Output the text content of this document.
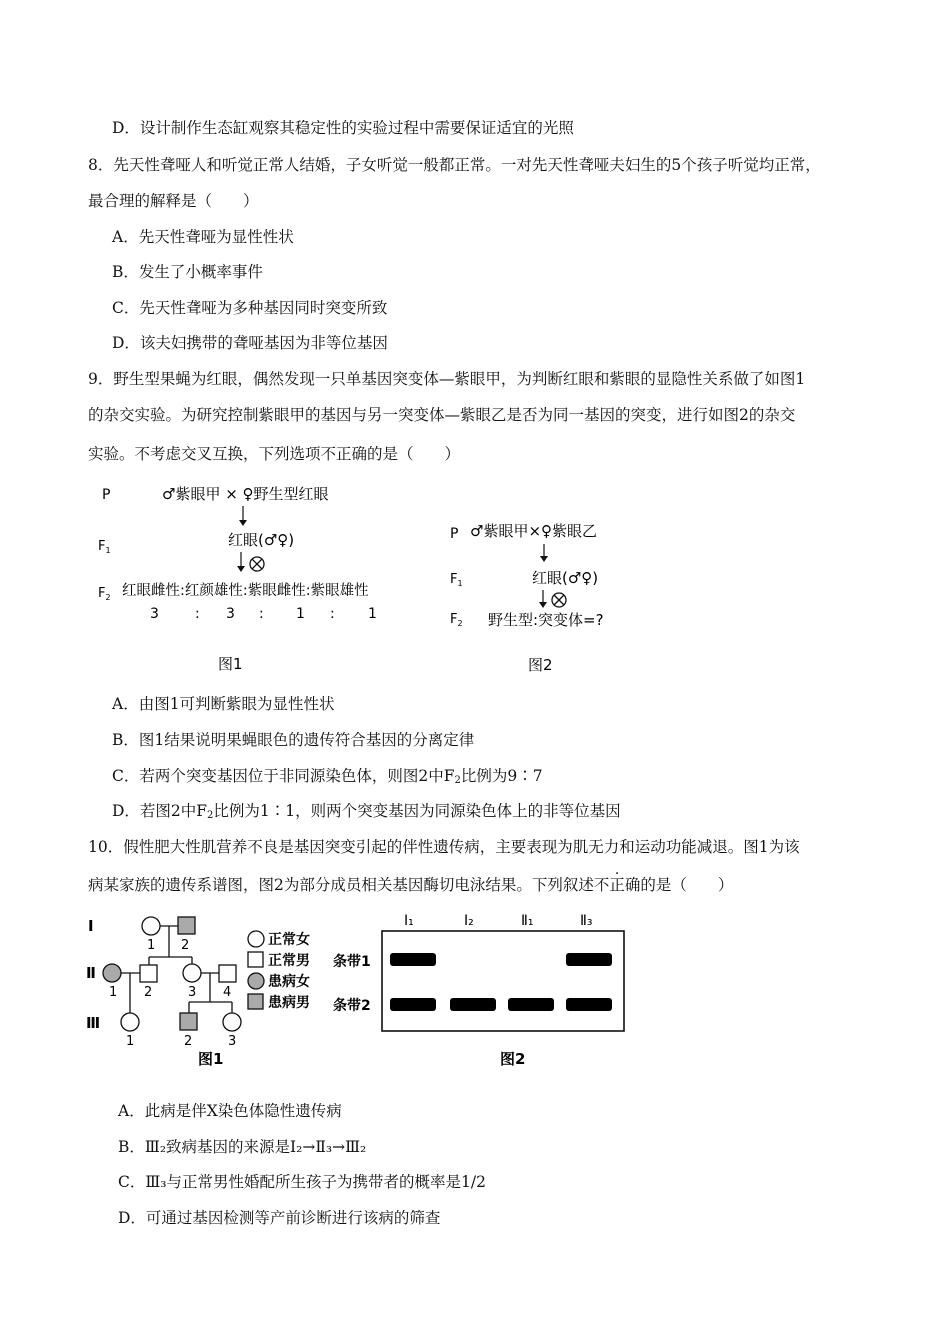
D．设计制作生态缸观察其稳定性的实验过程中需要保证适宜的光照
8．先天性聋哑人和听觉正常人结婚，子女听觉一般都正常。一对先天性聋哑夫妇生的5个孩子听觉均正常，
最合理的解释是（　　）
A．先天性聋哑为显性性状
B．发生了小概率事件
C．先天性聋哑为多种基因同时突变所致
D．该夫妇携带的聋哑基因为非等位基因
9．野生型果蝇为红眼，偶然发现一只单基因突变体—紫眼甲，为判断红眼和紫眼的显隐性关系做了如图1
的杂交实验。为研究控制紫眼甲的基因与另一突变体—紫眼乙是否为同一基因的突变，进行如图2的杂交
实验。不考虑交叉互换，下列选项不正确的是（　　）
P	♂紫眼甲 × ♀野生型红眼
$F_1$
红眼(♂♀)
$F_2$ 红眼雌性:红颜雄性:紫眼雌性:紫眼雄性
3	: 3 : 1 : 1
图1
P ♂紫眼甲×♀紫眼乙
$F_1$	红眼(♂♀)
$F_2$ 野生型:突变体=?
图2
A．由图1可判断紫眼为显性性状
B．图1结果说明果蝇眼色的遗传符合基因的分离定律
C．若两个突变基因位于非同源染色体，则图2中$F_2$比例为9∶7
D．若图2中$F_2$比例为1∶1，则两个突变基因为同源染色体上的非等位基因
10．假性肥大性肌营养不良是基因突变引起的伴性遗传病，主要表现为肌无力和运动功能减退。图1为该
病某家族的遗传系谱图，图2为部分成员相关基因酶切电泳结果。下列叙述不正确的是（　　）
Ⅰ
Ⅱ
Ⅲ
1 2
1 2	3 4
1	2	3
正常女
正常男
患病女
患病男
图1
Ⅰ₁	Ⅰ₂	Ⅱ₁	Ⅱ₃
条带1
条带2
图2
A．此病是伴X染色体隐性遗传病
B．Ⅲ₂致病基因的来源是Ⅰ₂→Ⅱ₃→Ⅲ₂
C．Ⅲ₃与正常男性婚配所生孩子为携带者的概率是1/2
D．可通过基因检测等产前诊断进行该病的筛查
